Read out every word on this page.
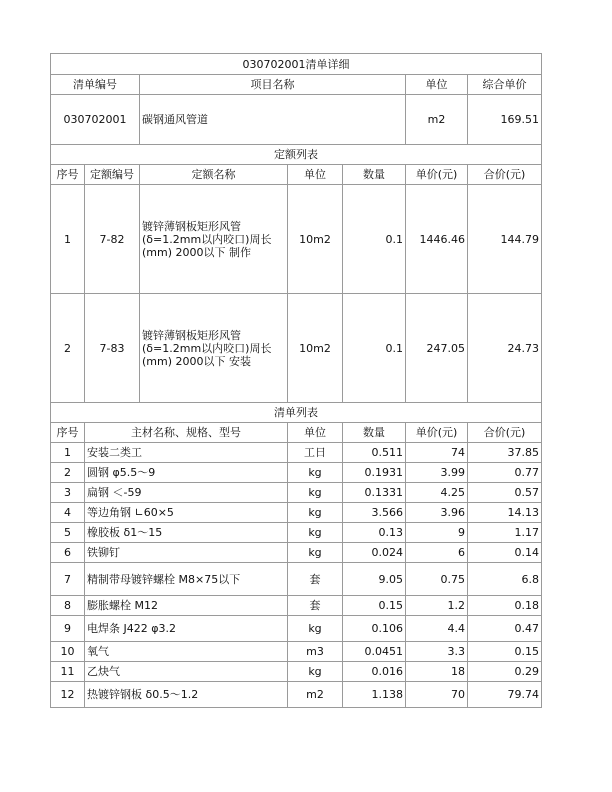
030702001清单详细						
清单编号		项目名称			单位	综合单价
030702001		碳钢通风管道			m2	169.51
定额列表						
序号	定额编号	定额名称	单位	数量	单价(元)	合价(元)
1	7-82	镀锌薄钢板矩形风管
(δ=1.2mm以内咬口)周长
(mm) 2000以下 制作	10m2	0.1	1446.46	144.79
2	7-83	镀锌薄钢板矩形风管
(δ=1.2mm以内咬口)周长
(mm) 2000以下 安装	10m2	0.1	247.05	24.73
清单列表						
序号	主材名称、规格、型号		单位	数量	单价(元)	合价(元)
1	安装二类工		工日	0.511	74	37.85
2	圆钢 φ5.5～9		kg	0.1931	3.99	0.77
3	扁钢 ＜-59		kg	0.1331	4.25	0.57
4	等边角钢 ∟60×5		kg	3.566	3.96	14.13
5	橡胶板 δ1～15		kg	0.13	9	1.17
6	铁铆钉		kg	0.024	6	0.14
7	精制带母镀锌螺栓 M8×75以下		套	9.05	0.75	6.8
8	膨胀螺栓 M12		套	0.15	1.2	0.18
9	电焊条 J422 φ3.2		kg	0.106	4.4	0.47
10	氧气		m3	0.0451	3.3	0.15
11	乙炔气		kg	0.016	18	0.29
12	热镀锌钢板 δ0.5～1.2		m2	1.138	70	79.74
